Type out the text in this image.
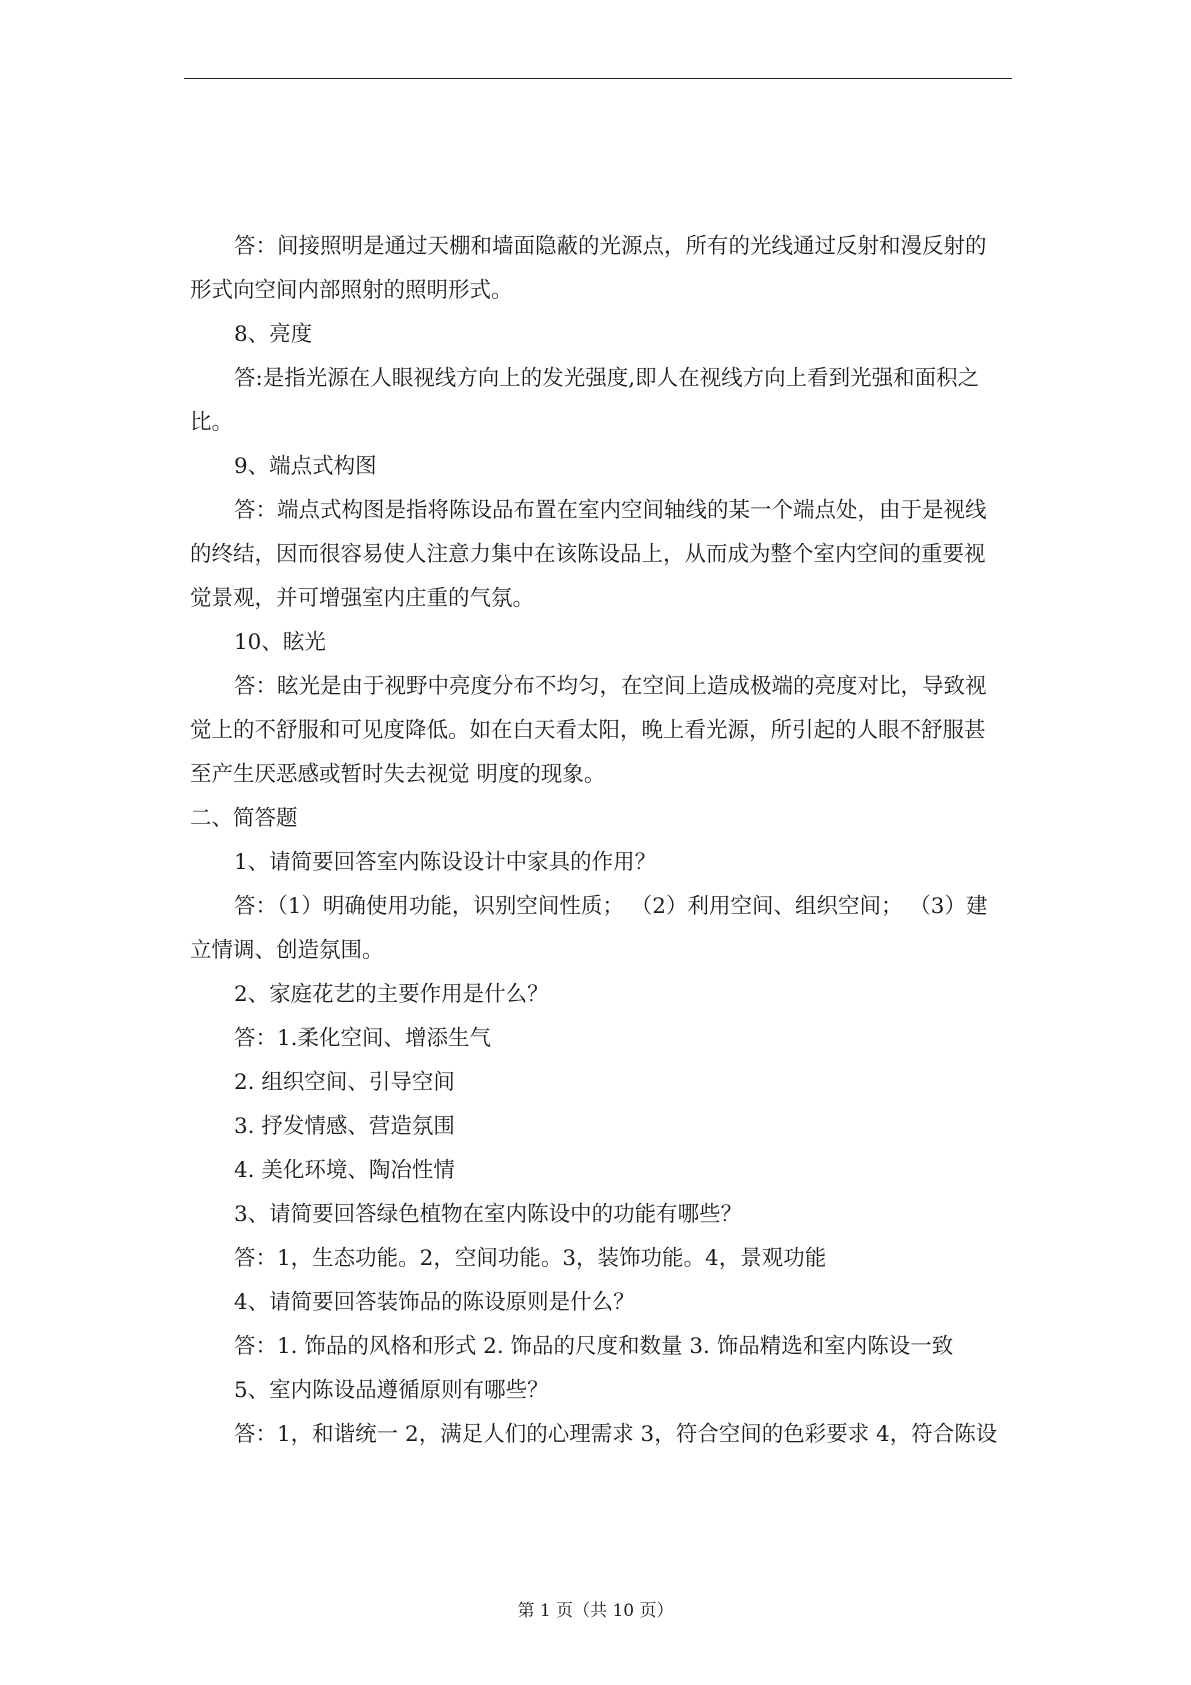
答：间接照明是通过天棚和墙面隐蔽的光源点，所有的光线通过反射和漫反射的
形式向空间内部照射的照明形式。

8、亮度

答:是指光源在人眼视线方向上的发光强度,即人在视线方向上看到光强和面积之
比。

9、端点式构图

答：端点式构图是指将陈设品布置在室内空间轴线的某一个端点处，由于是视线
的终结，因而很容易使人注意力集中在该陈设品上，从而成为整个室内空间的重要视
觉景观，并可增强室内庄重的气氛。

10、眩光

答：眩光是由于视野中亮度分布不均匀，在空间上造成极端的亮度对比，导致视
觉上的不舒服和可见度降低。如在白天看太阳，晚上看光源，所引起的人眼不舒服甚
至产生厌恶感或暂时失去视觉 明度的现象。

二、简答题

1、请简要回答室内陈设设计中家具的作用？

答：（1）明确使用功能，识别空间性质； （2）利用空间、组织空间； （3）建
立情调、创造氛围。

2、家庭花艺的主要作用是什么？

答：1.柔化空间、增添生气

2. 组织空间、引导空间

3. 抒发情感、营造氛围

4. 美化环境、陶冶性情

3、请简要回答绿色植物在室内陈设中的功能有哪些？

答：1，生态功能。2，空间功能。3，装饰功能。4，景观功能

4、请简要回答装饰品的陈设原则是什么？

答：1. 饰品的风格和形式 2. 饰品的尺度和数量 3. 饰品精选和室内陈设一致

5、室内陈设品遵循原则有哪些？

答：1，和谐统一 2，满足人们的心理需求 3，符合空间的色彩要求 4，符合陈设

第 1 页（共 10 页）
